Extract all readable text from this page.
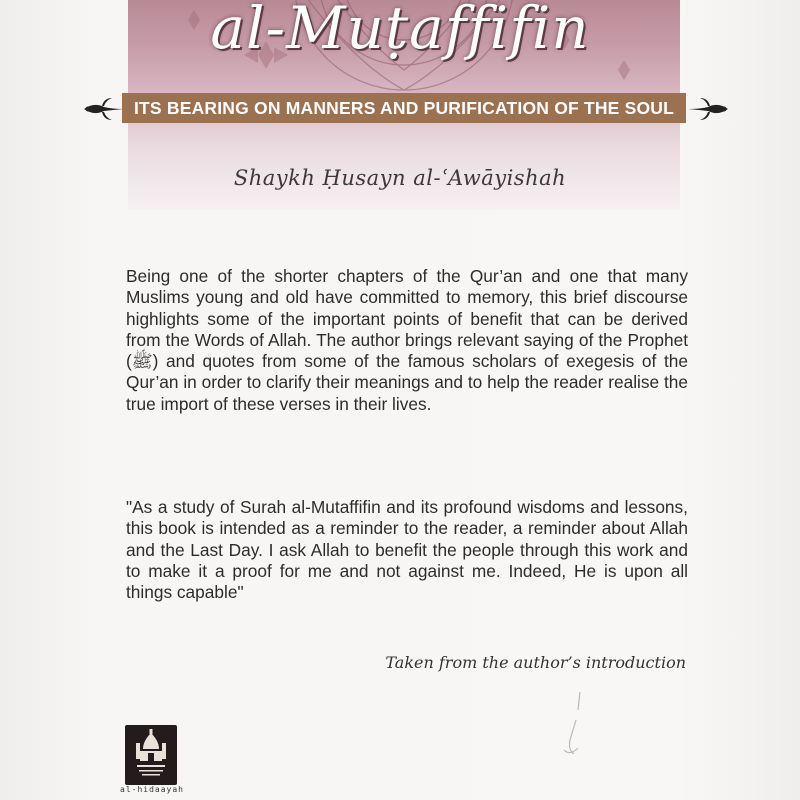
al-Muṭaffifin
ITS BEARING ON MANNERS AND PURIFICATION OF THE SOUL
Shaykh Ḥusayn al-ʿAwāyishah
Being one of the shorter chapters of the Qur’an and one that many Muslims young and old have committed to memory, this brief discourse highlights some of the important points of benefit that can be derived from the Words of Allah. The author brings relevant saying of the Prophet (ﷺ) and quotes from some of the famous scholars of exegesis of the Qur’an in order to clarify their meanings and to help the reader realise the true import of these verses in their lives.
"As a study of Surah al-Mutaffifin and its profound wisdoms and lessons, this book is intended as a reminder to the reader, a reminder about Allah and the Last Day. I ask Allah to benefit the people through this work and to make it a proof for me and not against me. Indeed, He is upon all things capable"
Taken from the author’s introduction
al-hidaayah
